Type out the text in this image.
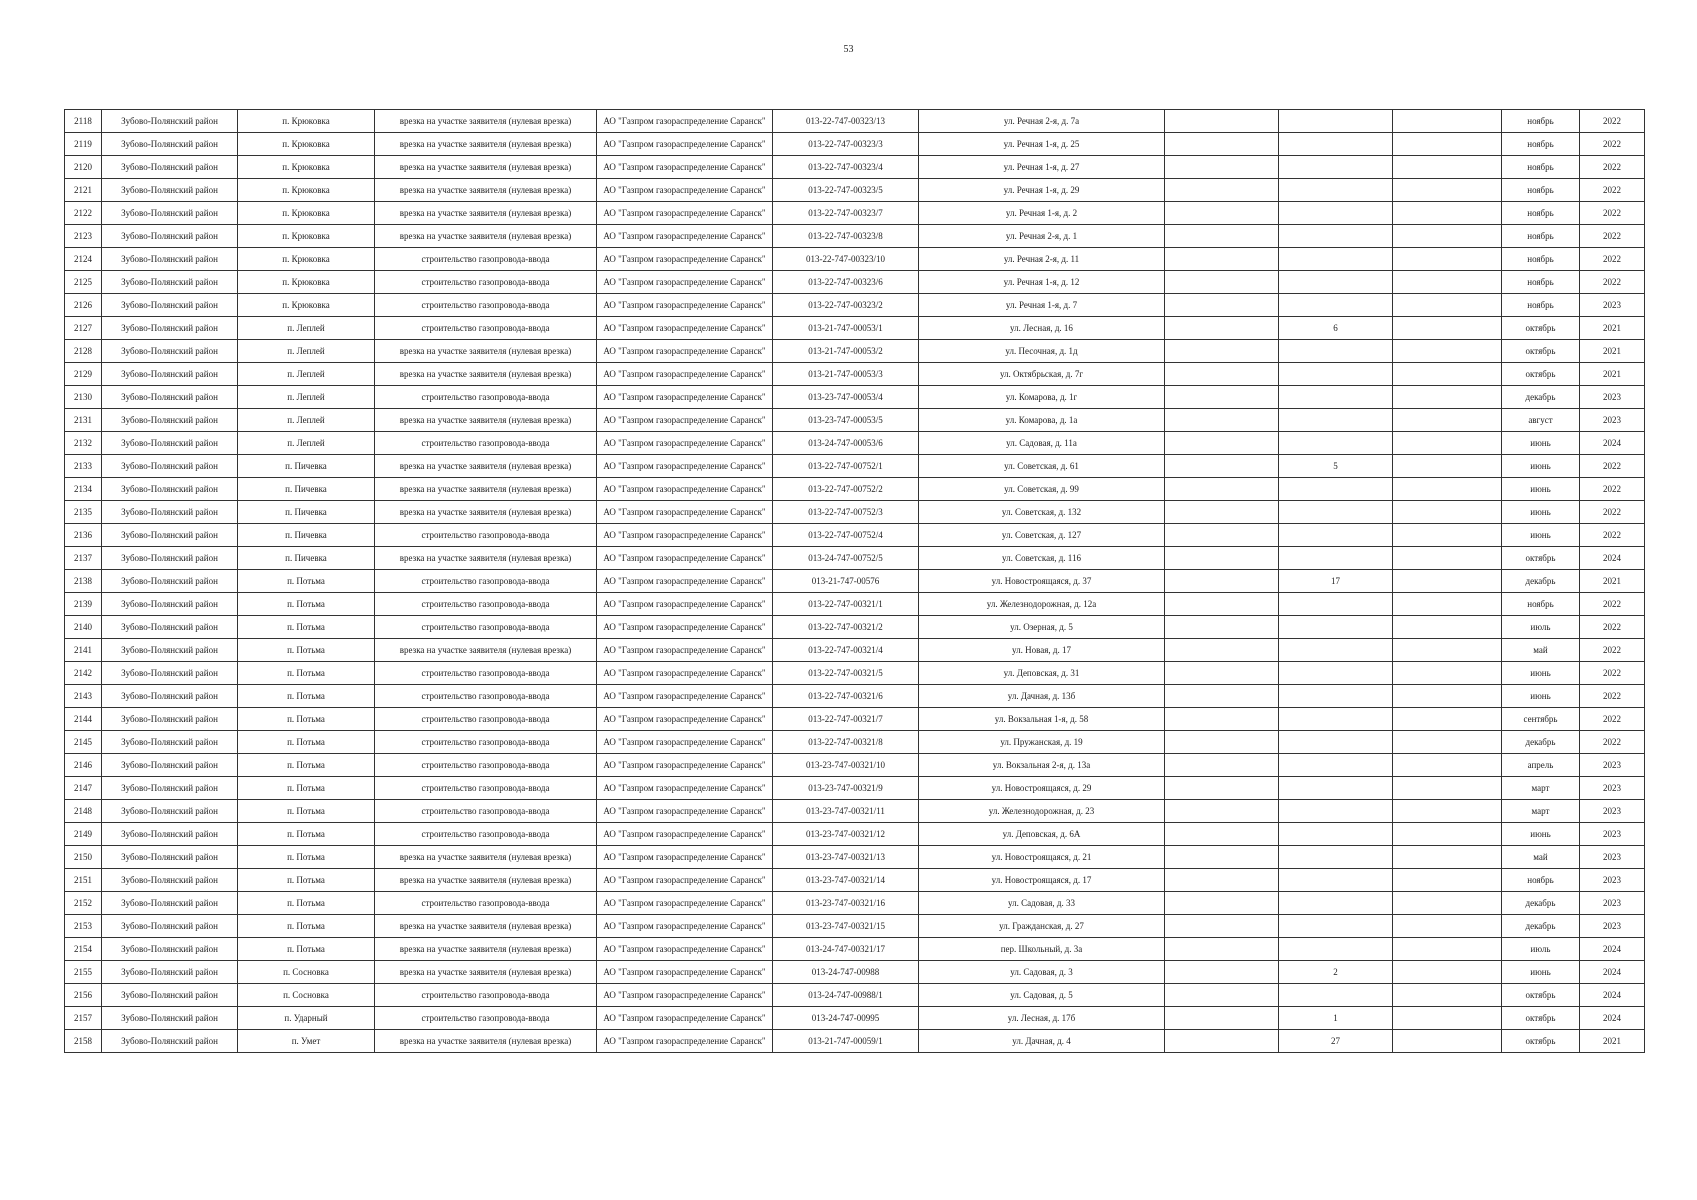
53
2118	Зубово-Полянский район	п. Крюковка	врезка на участке заявителя (нулевая врезка)	АО "Газпром газораспределение Саранск"	013-22-747-00323/13	ул. Речная 2-я, д. 7а				ноябрь	2022
2119	Зубово-Полянский район	п. Крюковка	врезка на участке заявителя (нулевая врезка)	АО "Газпром газораспределение Саранск"	013-22-747-00323/3	ул. Речная 1-я, д. 25				ноябрь	2022
2120	Зубово-Полянский район	п. Крюковка	врезка на участке заявителя (нулевая врезка)	АО "Газпром газораспределение Саранск"	013-22-747-00323/4	ул. Речная 1-я, д. 27				ноябрь	2022
2121	Зубово-Полянский район	п. Крюковка	врезка на участке заявителя (нулевая врезка)	АО "Газпром газораспределение Саранск"	013-22-747-00323/5	ул. Речная 1-я, д. 29				ноябрь	2022
2122	Зубово-Полянский район	п. Крюковка	врезка на участке заявителя (нулевая врезка)	АО "Газпром газораспределение Саранск"	013-22-747-00323/7	ул. Речная 1-я, д. 2				ноябрь	2022
2123	Зубово-Полянский район	п. Крюковка	врезка на участке заявителя (нулевая врезка)	АО "Газпром газораспределение Саранск"	013-22-747-00323/8	ул. Речная 2-я, д. 1				ноябрь	2022
2124	Зубово-Полянский район	п. Крюковка	строительство газопровода-ввода	АО "Газпром газораспределение Саранск"	013-22-747-00323/10	ул. Речная 2-я, д. 11				ноябрь	2022
2125	Зубово-Полянский район	п. Крюковка	строительство газопровода-ввода	АО "Газпром газораспределение Саранск"	013-22-747-00323/6	ул. Речная 1-я, д. 12				ноябрь	2022
2126	Зубово-Полянский район	п. Крюковка	строительство газопровода-ввода	АО "Газпром газораспределение Саранск"	013-22-747-00323/2	ул. Речная 1-я, д. 7				ноябрь	2023
2127	Зубово-Полянский район	п. Леплей	строительство газопровода-ввода	АО "Газпром газораспределение Саранск"	013-21-747-00053/1	ул. Лесная, д. 16		6		октябрь	2021
2128	Зубово-Полянский район	п. Леплей	врезка на участке заявителя (нулевая врезка)	АО "Газпром газораспределение Саранск"	013-21-747-00053/2	ул. Песочная, д. 1д				октябрь	2021
2129	Зубово-Полянский район	п. Леплей	врезка на участке заявителя (нулевая врезка)	АО "Газпром газораспределение Саранск"	013-21-747-00053/3	ул. Октябрьская, д. 7г				октябрь	2021
2130	Зубово-Полянский район	п. Леплей	строительство газопровода-ввода	АО "Газпром газораспределение Саранск"	013-23-747-00053/4	ул. Комарова, д. 1г				декабрь	2023
2131	Зубово-Полянский район	п. Леплей	врезка на участке заявителя (нулевая врезка)	АО "Газпром газораспределение Саранск"	013-23-747-00053/5	ул. Комарова, д. 1а				август	2023
2132	Зубово-Полянский район	п. Леплей	строительство газопровода-ввода	АО "Газпром газораспределение Саранск"	013-24-747-00053/6	ул. Садовая, д. 11а				июнь	2024
2133	Зубово-Полянский район	п. Пичевка	врезка на участке заявителя (нулевая врезка)	АО "Газпром газораспределение Саранск"	013-22-747-00752/1	ул. Советская, д. 61		5		июнь	2022
2134	Зубово-Полянский район	п. Пичевка	врезка на участке заявителя (нулевая врезка)	АО "Газпром газораспределение Саранск"	013-22-747-00752/2	ул. Советская, д. 99				июнь	2022
2135	Зубово-Полянский район	п. Пичевка	врезка на участке заявителя (нулевая врезка)	АО "Газпром газораспределение Саранск"	013-22-747-00752/3	ул. Советская, д. 132				июнь	2022
2136	Зубово-Полянский район	п. Пичевка	строительство газопровода-ввода	АО "Газпром газораспределение Саранск"	013-22-747-00752/4	ул. Советская, д. 127				июнь	2022
2137	Зубово-Полянский район	п. Пичевка	врезка на участке заявителя (нулевая врезка)	АО "Газпром газораспределение Саранск"	013-24-747-00752/5	ул. Советская, д. 116				октябрь	2024
2138	Зубово-Полянский район	п. Потьма	строительство газопровода-ввода	АО "Газпром газораспределение Саранск"	013-21-747-00576	ул. Новостроящаяся, д. 37		17		декабрь	2021
2139	Зубово-Полянский район	п. Потьма	строительство газопровода-ввода	АО "Газпром газораспределение Саранск"	013-22-747-00321/1	ул. Железнодорожная, д. 12а				ноябрь	2022
2140	Зубово-Полянский район	п. Потьма	строительство газопровода-ввода	АО "Газпром газораспределение Саранск"	013-22-747-00321/2	ул. Озерная, д. 5				июль	2022
2141	Зубово-Полянский район	п. Потьма	врезка на участке заявителя (нулевая врезка)	АО "Газпром газораспределение Саранск"	013-22-747-00321/4	ул. Новая, д. 17				май	2022
2142	Зубово-Полянский район	п. Потьма	строительство газопровода-ввода	АО "Газпром газораспределение Саранск"	013-22-747-00321/5	ул. Деповская, д. 31				июнь	2022
2143	Зубово-Полянский район	п. Потьма	строительство газопровода-ввода	АО "Газпром газораспределение Саранск"	013-22-747-00321/6	ул. Дачная, д. 13б				июнь	2022
2144	Зубово-Полянский район	п. Потьма	строительство газопровода-ввода	АО "Газпром газораспределение Саранск"	013-22-747-00321/7	ул. Вокзальная 1-я, д. 58				сентябрь	2022
2145	Зубово-Полянский район	п. Потьма	строительство газопровода-ввода	АО "Газпром газораспределение Саранск"	013-22-747-00321/8	ул. Пружанская, д. 19				декабрь	2022
2146	Зубово-Полянский район	п. Потьма	строительство газопровода-ввода	АО "Газпром газораспределение Саранск"	013-23-747-00321/10	ул. Вокзальная 2-я, д. 13а				апрель	2023
2147	Зубово-Полянский район	п. Потьма	строительство газопровода-ввода	АО "Газпром газораспределение Саранск"	013-23-747-00321/9	ул. Новостроящаяся, д. 29				март	2023
2148	Зубово-Полянский район	п. Потьма	строительство газопровода-ввода	АО "Газпром газораспределение Саранск"	013-23-747-00321/11	ул. Железнодорожная, д. 23				март	2023
2149	Зубово-Полянский район	п. Потьма	строительство газопровода-ввода	АО "Газпром газораспределение Саранск"	013-23-747-00321/12	ул. Деповская, д. 6А				июнь	2023
2150	Зубово-Полянский район	п. Потьма	врезка на участке заявителя (нулевая врезка)	АО "Газпром газораспределение Саранск"	013-23-747-00321/13	ул. Новостроящаяся, д. 21				май	2023
2151	Зубово-Полянский район	п. Потьма	врезка на участке заявителя (нулевая врезка)	АО "Газпром газораспределение Саранск"	013-23-747-00321/14	ул. Новостроящаяся, д. 17				ноябрь	2023
2152	Зубово-Полянский район	п. Потьма	строительство газопровода-ввода	АО "Газпром газораспределение Саранск"	013-23-747-00321/16	ул. Садовая, д. 33				декабрь	2023
2153	Зубово-Полянский район	п. Потьма	врезка на участке заявителя (нулевая врезка)	АО "Газпром газораспределение Саранск"	013-23-747-00321/15	ул. Гражданская, д. 27				декабрь	2023
2154	Зубово-Полянский район	п. Потьма	врезка на участке заявителя (нулевая врезка)	АО "Газпром газораспределение Саранск"	013-24-747-00321/17	пер. Школьный, д. 3а				июль	2024
2155	Зубово-Полянский район	п. Сосновка	врезка на участке заявителя (нулевая врезка)	АО "Газпром газораспределение Саранск"	013-24-747-00988	ул. Садовая, д. 3		2		июнь	2024
2156	Зубово-Полянский район	п. Сосновка	строительство газопровода-ввода	АО "Газпром газораспределение Саранск"	013-24-747-00988/1	ул. Садовая, д. 5				октябрь	2024
2157	Зубово-Полянский район	п. Ударный	строительство газопровода-ввода	АО "Газпром газораспределение Саранск"	013-24-747-00995	ул. Лесная, д. 17б		1		октябрь	2024
2158	Зубово-Полянский район	п. Умет	врезка на участке заявителя (нулевая врезка)	АО "Газпром газораспределение Саранск"	013-21-747-00059/1	ул. Дачная, д. 4		27		октябрь	2021
